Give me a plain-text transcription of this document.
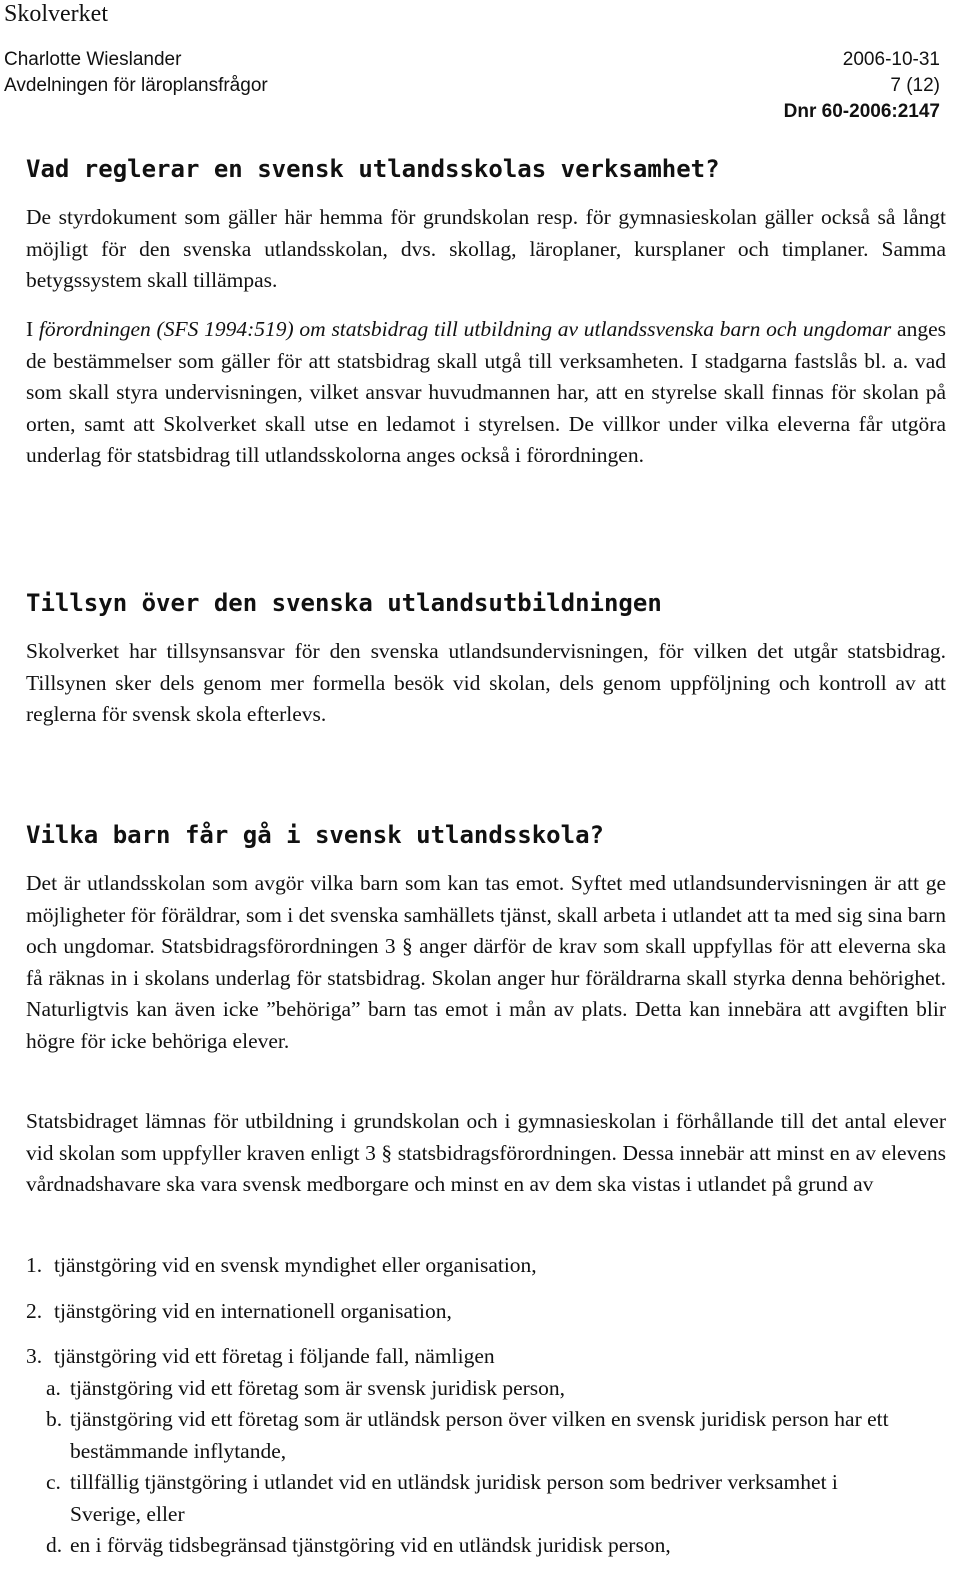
Skolverket
Charlotte Wieslander
Avdelningen för läroplansfrågor
2006-10-31
7 (12)
Dnr 60-2006:2147
Vad reglerar en svensk utlandsskolas verksamhet?

De styrdokument som gäller här hemma för grundskolan resp. för gymnasieskolan gäller också så långt möjligt för den svenska utlandsskolan, dvs. skollag, läroplaner, kursplaner och timplaner. Samma betygssystem skall tillämpas.

I förordningen (SFS 1994:519) om statsbidrag till utbildning av utlandssvenska barn och ungdomar anges de bestämmelser som gäller för att statsbidrag skall utgå till verksamheten. I stadgarna fastslås bl. a. vad som skall styra undervisningen, vilket ansvar huvudmannen har, att en styrelse skall finnas för skolan på orten, samt att Skolverket skall utse en ledamot i styrelsen. De villkor under vilka eleverna får utgöra underlag för statsbidrag till utlandsskolorna anges också i förordningen.

Tillsyn över den svenska utlandsutbildningen

Skolverket har tillsynsansvar för den svenska utlandsundervisningen, för vilken det utgår statsbidrag. Tillsynen sker dels genom mer formella besök vid skolan, dels genom uppföljning och kontroll av att reglerna för svensk skola efterlevs.

Vilka barn får gå i svensk utlandsskola?

Det är utlandsskolan som avgör vilka barn som kan tas emot. Syftet med utlandsundervisningen är att ge möjligheter för föräldrar, som i det svenska samhällets tjänst, skall arbeta i utlandet att ta med sig sina barn och ungdomar. Statsbidragsförordningen 3 § anger därför de krav som skall uppfyllas för att eleverna ska få räknas in i skolans underlag för statsbidrag. Skolan anger hur föräldrarna skall styrka denna behörighet. Naturligtvis kan även icke ”behöriga” barn tas emot i mån av plats. Detta kan innebära att avgiften blir högre för icke behöriga elever.

Statsbidraget lämnas för utbildning i grundskolan och i gymnasieskolan i förhållande till det antal elever vid skolan som uppfyller kraven enligt 3 § statsbidragsförordningen. Dessa innebär att minst en av elevens vårdnadshavare ska vara svensk medborgare och minst en av dem ska vistas i utlandet på grund av

1. tjänstgöring vid en svensk myndighet eller organisation,
2. tjänstgöring vid en internationell organisation,
3. tjänstgöring vid ett företag i följande fall, nämligen
a. tjänstgöring vid ett företag som är svensk juridisk person,
b. tjänstgöring vid ett företag som är utländsk person över vilken en svensk juridisk person har ett bestämmande inflytande,
c. tillfällig tjänstgöring i utlandet vid en utländsk juridisk person som bedriver verksamhet i Sverige, eller
d. en i förväg tidsbegränsad tjänstgöring vid en utländsk juridisk person,
